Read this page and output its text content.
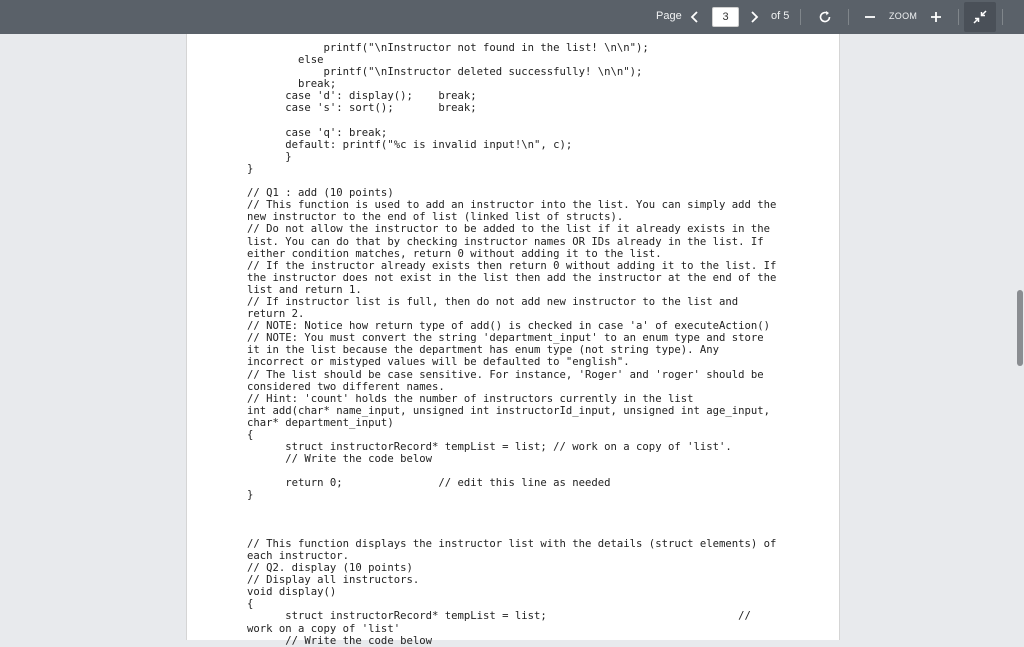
Page	3	of 5	ZOOM
printf("\nInstructor not found in the list! \n\n");
else
printf("\nInstructor deleted successfully! \n\n");
break;
case 'd': display();    break;
case 's': sort();       break;

case 'q': break;
default: printf("%c is invalid input!\n", c);
}
}

// Q1 : add (10 points)
// This function is used to add an instructor into the list. You can simply add the
new instructor to the end of list (linked list of structs).
// Do not allow the instructor to be added to the list if it already exists in the
list. You can do that by checking instructor names OR IDs already in the list. If
either condition matches, return 0 without adding it to the list.
// If the instructor already exists then return 0 without adding it to the list. If
the instructor does not exist in the list then add the instructor at the end of the
list and return 1.
// If instructor list is full, then do not add new instructor to the list and
return 2.
// NOTE: Notice how return type of add() is checked in case 'a' of executeAction()
// NOTE: You must convert the string 'department_input' to an enum type and store
it in the list because the department has enum type (not string type). Any
incorrect or mistyped values will be defaulted to "english".
// The list should be case sensitive. For instance, 'Roger' and 'roger' should be
considered two different names.
// Hint: 'count' holds the number of instructors currently in the list
int add(char* name_input, unsigned int instructorId_input, unsigned int age_input,
char* department_input)
{
struct instructorRecord* tempList = list; // work on a copy of 'list'.
// Write the code below

return 0;               // edit this line as needed
}

// This function displays the instructor list with the details (struct elements) of
each instructor.
// Q2. display (10 points)
// Display all instructors.
void display()
{
struct instructorRecord* tempList = list;                              //
work on a copy of 'list'
// Write the code below
